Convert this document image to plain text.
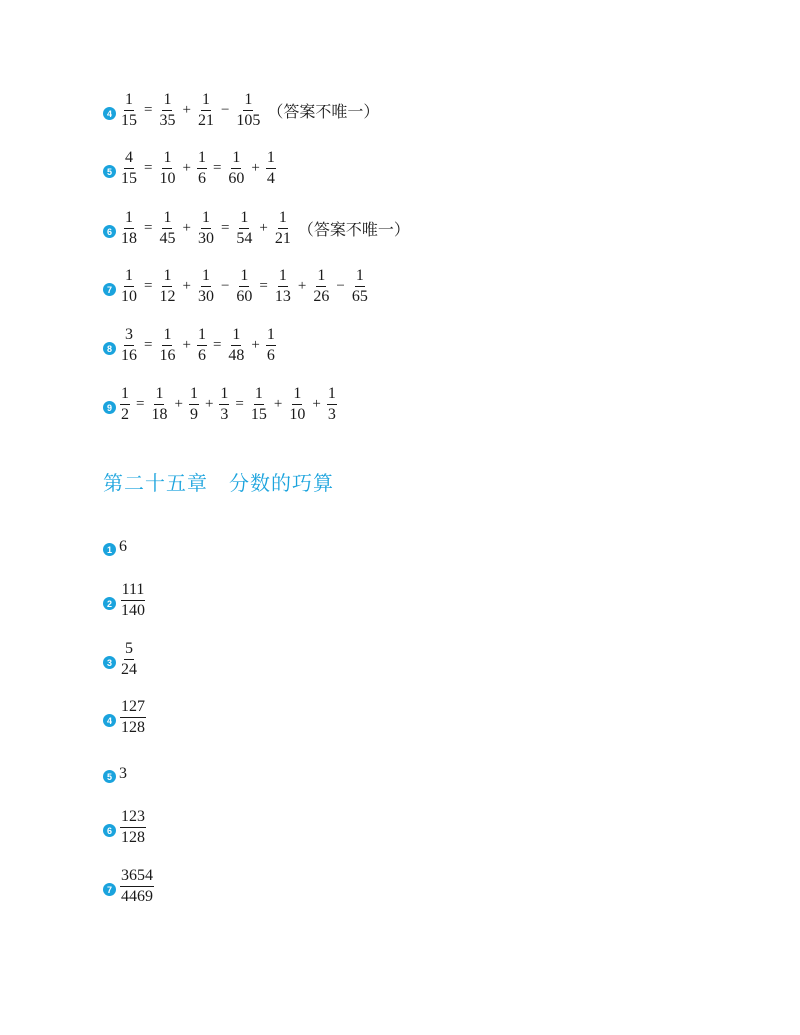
$4 \frac{1}{15} = \frac{1}{35} + \frac{1}{21} - \frac{1}{105}$ （答案不唯一）
$5 \frac{4}{15} = \frac{1}{10} + \frac{1}{6} = \frac{1}{60} + \frac{1}{4}$
$6 \frac{1}{18} = \frac{1}{45} + \frac{1}{30} = \frac{1}{54} + \frac{1}{21}$ （答案不唯一）
$7 \frac{1}{10} = \frac{1}{12} + \frac{1}{30} - \frac{1}{60} = \frac{1}{13} + \frac{1}{26} - \frac{1}{65}$
$8 \frac{3}{16} = \frac{1}{16} + \frac{1}{6} = \frac{1}{48} + \frac{1}{6}$
$9 \frac{1}{2} = \frac{1}{18} + \frac{1}{9} + \frac{1}{3} = \frac{1}{15} + \frac{1}{10} + \frac{1}{3}$
第二十五章　分数的巧算
1 6
$2 \frac{111}{140}$
$3 \frac{5}{24}$
$4 \frac{127}{128}$
5 3
$6 \frac{123}{128}$
$7 \frac{3654}{4469}$
